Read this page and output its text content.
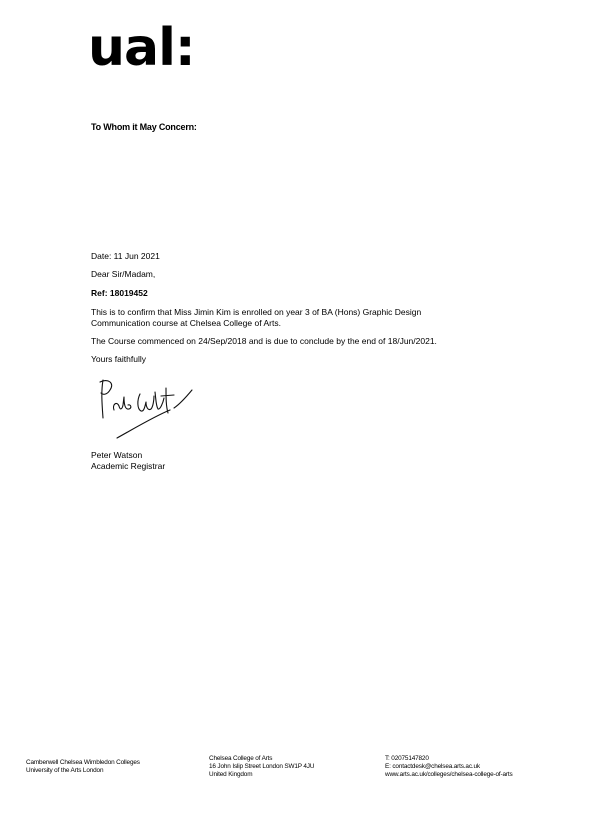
ual:
To Whom it May Concern:
Date: 11 Jun 2021
Dear Sir/Madam,
Ref: 18019452
This is to confirm that Miss Jimin Kim is enrolled on year 3 of BA (Hons) Graphic Design
Communication course at Chelsea College of Arts.
The Course commenced on 24/Sep/2018 and is due to conclude by the end of 18/Jun/2021.
Yours faithfully
Peter Watson
Academic Registrar
Camberwell Chelsea Wimbledon Colleges
University of the Arts London
Chelsea College of Arts
16 John Islip Street London SW1P 4JU
United Kingdom
T: 02075147820
E: contactdesk@chelsea.arts.ac.uk
www.arts.ac.uk/colleges/chelsea-college-of-arts
